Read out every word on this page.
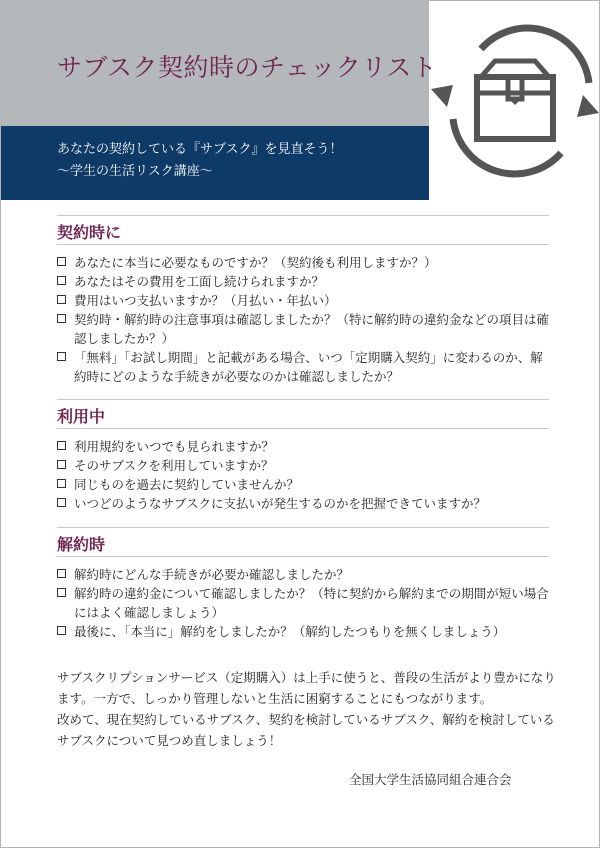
サブスク契約時のチェックリスト
あなたの契約している『サブスク』を見直そう！
～学生の生活リスク講座～
契約時に
あなたに本当に必要なものですか？（契約後も利用しますか？）
あなたはその費用を工面し続けられますか？
費用はいつ支払いますか？（月払い・年払い）
契約時・解約時の注意事項は確認しましたか？（特に解約時の違約金などの項目は確認しましたか？）
「無料」「お試し期間」と記載がある場合、いつ「定期購入契約」に変わるのか、解約時にどのような手続きが必要なのかは確認しましたか？
利用中
利用規約をいつでも見られますか？
そのサブスクを利用していますか？
同じものを過去に契約していませんか？
いつどのようなサブスクに支払いが発生するのかを把握できていますか？
解約時
解約時にどんな手続きが必要か確認しましたか？
解約時の違約金について確認しましたか？（特に契約から解約までの期間が短い場合にはよく確認しましょう）
最後に、「本当に」解約をしましたか？（解約したつもりを無くしましょう）

サブスクリプションサービス（定期購入）は上手に使うと、普段の生活がより豊かになります。一方で、しっかり管理しないと生活に困窮することにもつながります。

改めて、現在契約しているサブスク、契約を検討しているサブスク、解約を検討しているサブスクについて見つめ直しましょう！

全国大学生活協同組合連合会
